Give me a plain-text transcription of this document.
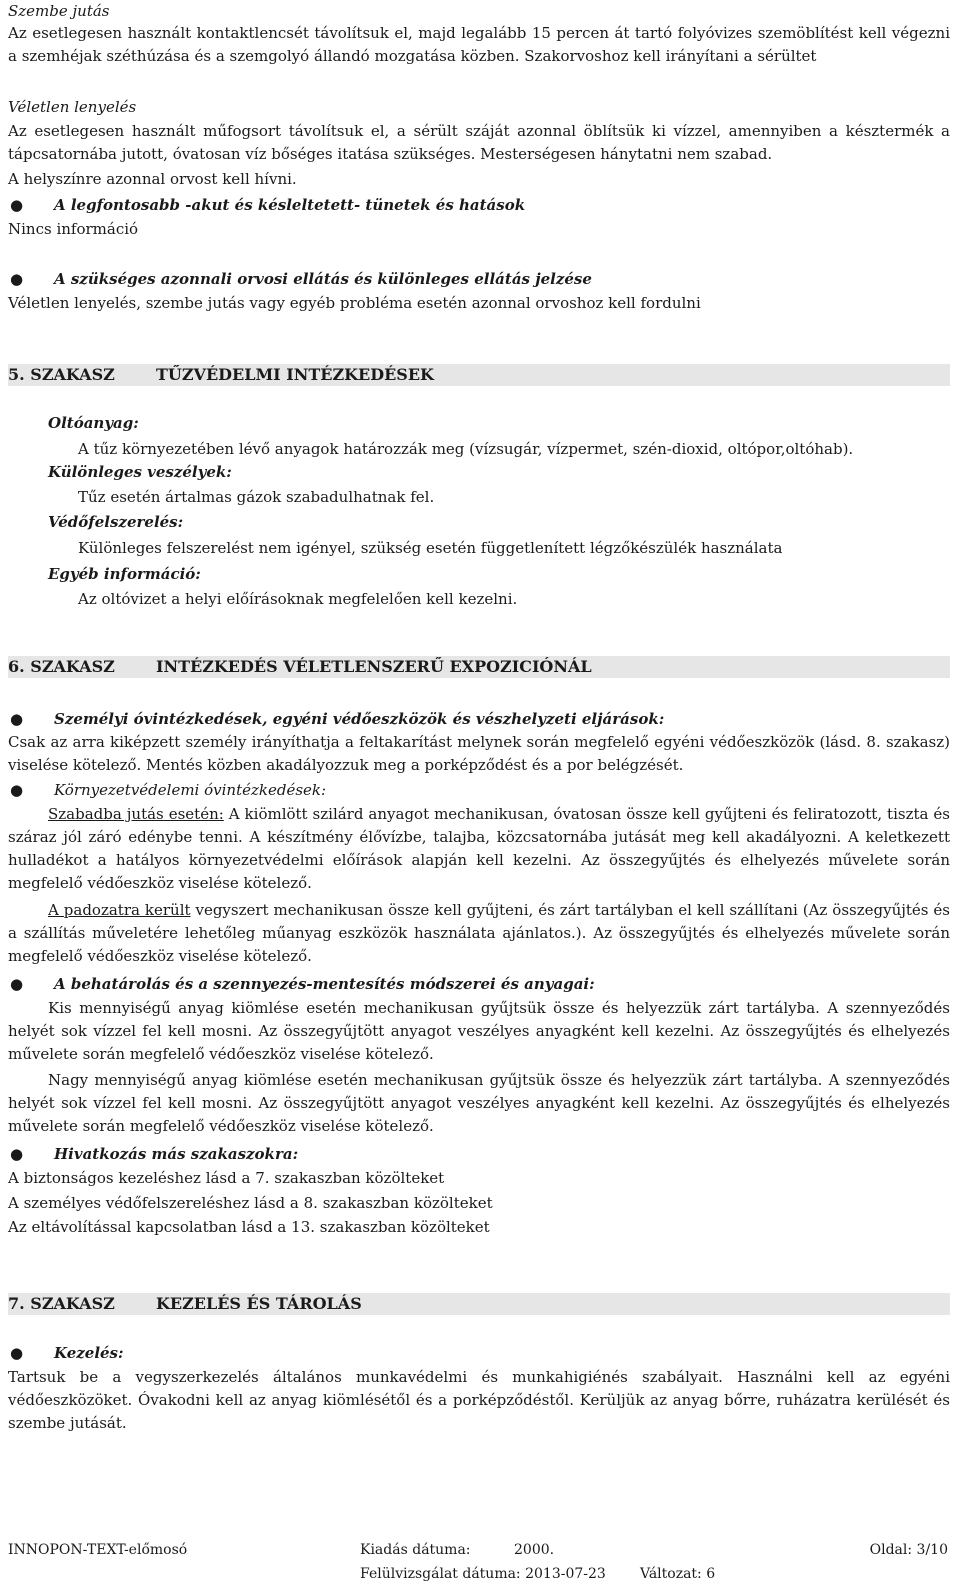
Szembe jutás

Az esetlegesen használt kontaktlencsét távolítsuk el, majd legalább 15 percen át tartó folyóvizes szemöblítést kell végezni a szemhéjak széthúzása és a szemgolyó állandó mozgatása közben. Szakorvoshoz kell irányítani a sérültet

Véletlen lenyelés

Az esetlegesen használt műfogsort távolítsuk el, a sérült száját azonnal öblítsük ki vízzel, amennyiben a késztermék a tápcsatornába jutott, óvatosan víz bőséges itatása szükséges. Mesterségesen hánytatni nem szabad.

A helyszínre azonnal orvost kell hívni.

● A legfontosabb -akut és késleltetett- tünetek és hatások

Nincs információ

● A szükséges azonnali orvosi ellátás és különleges ellátás jelzése

Véletlen lenyelés, szembe jutás vagy egyéb probléma esetén azonnal orvoshoz kell fordulni

5. SZAKASZ	TŰZVÉDELMI INTÉZKEDÉSEK

Oltóanyag:

A tűz környezetében lévő anyagok határozzák meg (vízsugár, vízpermet, szén-dioxid, oltópor,oltóhab).

Különleges veszélyek:

Tűz esetén ártalmas gázok szabadulhatnak fel.

Védőfelszerelés:

Különleges felszerelést nem igényel, szükség esetén függetlenített légzőkészülék használata

Egyéb információ:

Az oltóvizet a helyi előírásoknak megfelelően kell kezelni.

6. SZAKASZ	INTÉZKEDÉS VÉLETLENSZERŰ EXPOZICIÓNÁL
● Személyi óvintézkedések, egyéni védőeszközök és vészhelyzeti eljárások:

Csak az arra kiképzett személy irányíthatja a feltakarítást melynek során megfelelő egyéni védőeszközök (lásd. 8. szakasz) viselése kötelező. Mentés közben akadályozzuk meg a porképződést és a por belégzését.

● Környezetvédelemi óvintézkedések:

Szabadba jutás esetén: A kiömlött szilárd anyagot mechanikusan, óvatosan össze kell gyűjteni és feliratozott, tiszta és száraz jól záró edénybe tenni. A készítmény élővízbe, talajba, közcsatornába jutását meg kell akadályozni. A keletkezett hulladékot a hatályos környezetvédelmi előírások alapján kell kezelni. Az összegyűjtés és elhelyezés művelete során megfelelő védőeszköz viselése kötelező.

A padozatra került vegyszert mechanikusan össze kell gyűjteni, és zárt tartályban el kell szállítani (Az összegyűjtés és a szállítás műveletére lehetőleg műanyag eszközök használata ajánlatos.). Az összegyűjtés és elhelyezés művelete során megfelelő védőeszköz viselése kötelező.

● A behatárolás és a szennyezés-mentesítés módszerei és anyagai:

Kis mennyiségű anyag kiömlése esetén mechanikusan gyűjtsük össze és helyezzük zárt tartályba. A szennyeződés helyét sok vízzel fel kell mosni. Az összegyűjtött anyagot veszélyes anyagként kell kezelni. Az összegyűjtés és elhelyezés művelete során megfelelő védőeszköz viselése kötelező.

Nagy mennyiségű anyag kiömlése esetén mechanikusan gyűjtsük össze és helyezzük zárt tartályba. A szennyeződés helyét sok vízzel fel kell mosni. Az összegyűjtött anyagot veszélyes anyagként kell kezelni. Az összegyűjtés és elhelyezés művelete során megfelelő védőeszköz viselése kötelező.

● Hivatkozás más szakaszokra:

A biztonságos kezeléshez lásd a 7. szakaszban közölteket

A személyes védőfelszereléshez lásd a 8. szakaszban közölteket

Az eltávolítással kapcsolatban lásd a 13. szakaszban közölteket

7. SZAKASZ	KEZELÉS ÉS TÁROLÁS
● Kezelés:

Tartsuk be a vegyszerkezelés általános munkavédelmi és munkahigiénés szabályait. Használni kell az egyéni védőeszközöket. Óvakodni kell az anyag kiömlésétől és a porképződéstől. Kerüljük az anyag bőrre, ruházatra kerülését és szembe jutását.

INNOPON-TEXT-előmosó	Kiadás dátuma:	2000.	Oldal: 3/10
Felülvizsgálat dátuma: 2013-07-23 Változat: 6
